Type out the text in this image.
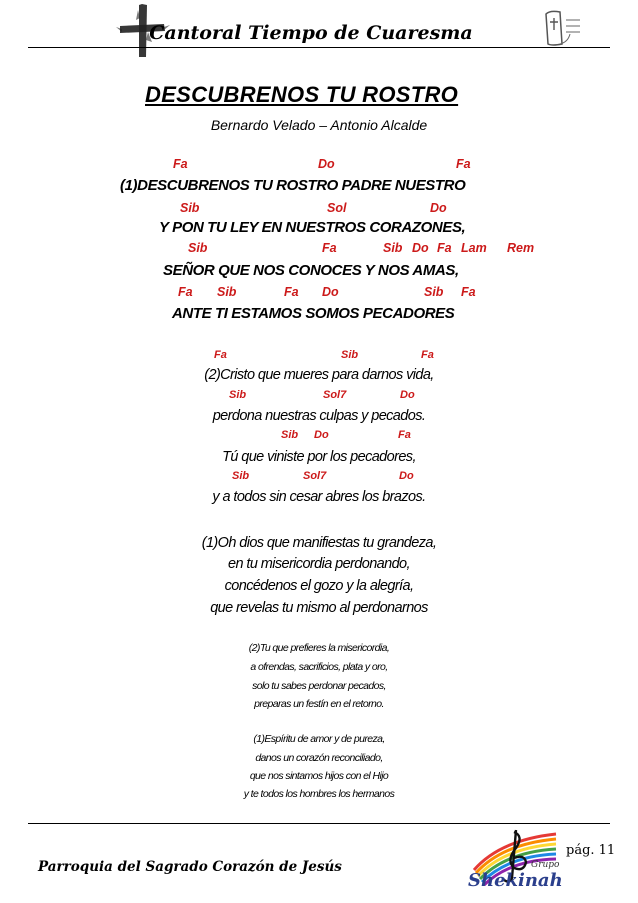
Cantoral Tiempo de Cuaresma
DESCUBRENOS TU ROSTRO
Bernardo Velado – Antonio Alcalde
Fa	Do	Fa
(1)DESCUBRENOS TU ROSTRO PADRE NUESTRO
Sib	Sol	Do
Y PON TU LEY EN NUESTROS CORAZONES,
Sib	Fa	Sib Do Fa Lam Rem
SEÑOR QUE NOS CONOCES Y NOS AMAS,
Fa Sib	Fa Do	Sib Fa
ANTE TI ESTAMOS SOMOS PECADORES
Fa	Sib	Fa
(2)Cristo que mueres para darnos vida,
Sib	Sol7	Do
perdona nuestras culpas y pecados.
Sib Do	Fa
Tú que viniste por los pecadores,
Sib	Sol7	Do
y a todos sin cesar abres los brazos.
(1)Oh dios que manifiestas tu grandeza,
en tu misericordia perdonando,
concédenos el gozo y la alegría,
que revelas tu mismo al perdonarnos
(2)Tu que prefieres la misericordia,
a ofrendas, sacrificios, plata y oro,
solo tu sabes perdonar pecados,
preparas un festín en el retorno.
(1)Espíritu de amor y de pureza,
danos un corazón reconciliado,
que nos sintamos hijos con el Hijo
y te todos los hombres los hermanos
pág. 11
Parroquia del Sagrado Corazón de Jesús	Grupo
Shekinah
